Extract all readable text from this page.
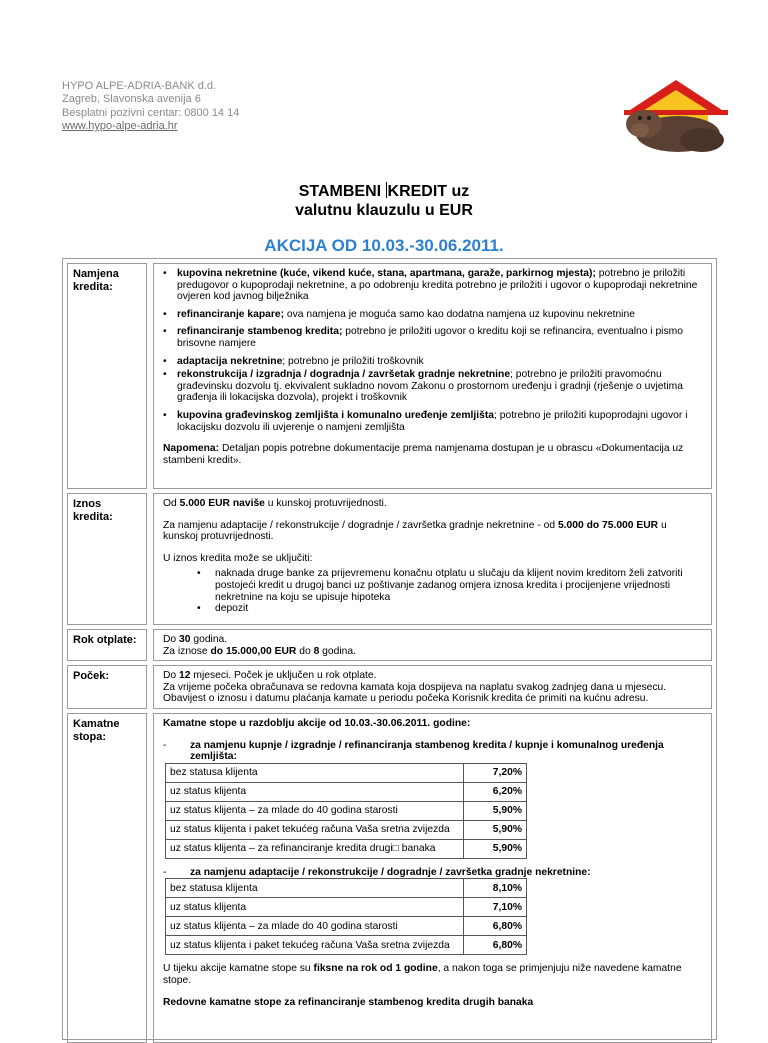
HYPO ALPE-ADRIA-BANK d.d.
Zagreb, Slavonska avenija 6
Besplatni pozivni centar: 0800 14 14
www.hypo-alpe-adria.hr
STAMBENI KREDIT uz
valutnu klauzulu u EUR
AKCIJA OD 10.03.-30.06.2011.
Namjena kredita:
• kupovina nekretnine (kuće, vikend kuće, stana, apartmana, garaže, parkirnog mjesta); potrebno je priložiti predugovor o kupoprodaji nekretnine, a po odobrenju kredita potrebno je priložiti i ugovor o kupoprodaji nekretnine ovjeren kod javnog bilježnika
• refinanciranje kapare; ova namjena je moguća samo kao dodatna namjena uz kupovinu nekretnine
• refinanciranje stambenog kredita; potrebno je priložiti ugovor o kreditu koji se refinancira, eventualno i pismo brisovne namjere
• adaptacija nekretnine; potrebno je priložiti troškovnik
• rekonstrukcija / izgradnja / dogradnja / završetak gradnje nekretnine; potrebno je priložiti pravomoćnu građevinsku dozvolu tj. ekvivalent sukladno novom Zakonu o prostornom uređenju i gradnji (rješenje o uvjetima građenja ili lokacijska dozvola), projekt i troškovnik
• kupovina građevinskog zemljišta i komunalno uređenje zemljišta; potrebno je priložiti kupoprodajni ugovor i lokacijsku dozvolu ili uvjerenje o namjeni zemljišta

Napomena: Detaljan popis potrebne dokumentacije prema namjenama dostupan je u obrascu «Dokumentacija uz stambeni kredit».

Iznos kredita:

Od 5.000 EUR naviše u kunskoj protuvrijednosti.

Za namjenu adaptacije / rekonstrukcije / dogradnje / završetka gradnje nekretnine - od 5.000 do 75.000 EUR u kunskoj protuvrijednosti.

U iznos kredita može se uključiti:

• naknada druge banke za prijevremenu konačnu otplatu u slučaju da klijent novim kreditom želi zatvoriti postojeći kredit u drugoj banci uz poštivanje zadanog omjera iznosa kredita i procijenjene vrijednosti nekretnine na koju se upisuje hipoteka
• depozit
Rok otplate:	Do 30 godina.

Za iznose do 15.000,00 EUR do 8 godina.

Poček:	Do 12 mjeseci. Poček je uključen u rok otplate.

Za vrijeme počeka obračunava se redovna kamata koja dospijeva na naplatu svakog zadnjeg dana u mjesecu.

Obavijest o iznosu i datumu plaćanja kamate u periodu počeka Korisnik kredita će primiti na kućnu adresu.

Kamatne stopa:

Kamatne stope u razdoblju akcije od 10.03.-30.06.2011. godine:

- za namjenu kupnje / izgradnje / refinanciranja stambenog kredita / kupnje i komunalnog uređenja zemljišta:
bez statusa klijenta	7,20%
uz status klijenta	6,20%
uz status klijenta – za mlade do 40 godina starosti	5,90%
uz status klijenta i paket tekućeg računa Vaša sretna zvijezda	5,90%
uz status klijenta – za refinanciranje kredita drugi□ banaka	5,90%
- za namjenu adaptacije / rekonstrukcije / dogradnje / završetka gradnje nekretnine:
bez statusa klijenta	8,10%
uz status klijenta	7,10%
uz status klijenta – za mlade do 40 godina starosti	6,80%
uz status klijenta i paket tekućeg računa Vaša sretna zvijezda	6,80%

U tijeku akcije kamatne stope su fiksne na rok od 1 godine, a nakon toga se primjenjuju niže navedene kamatne stope.

Redovne kamatne stope za refinanciranje stambenog kredita drugih banaka
